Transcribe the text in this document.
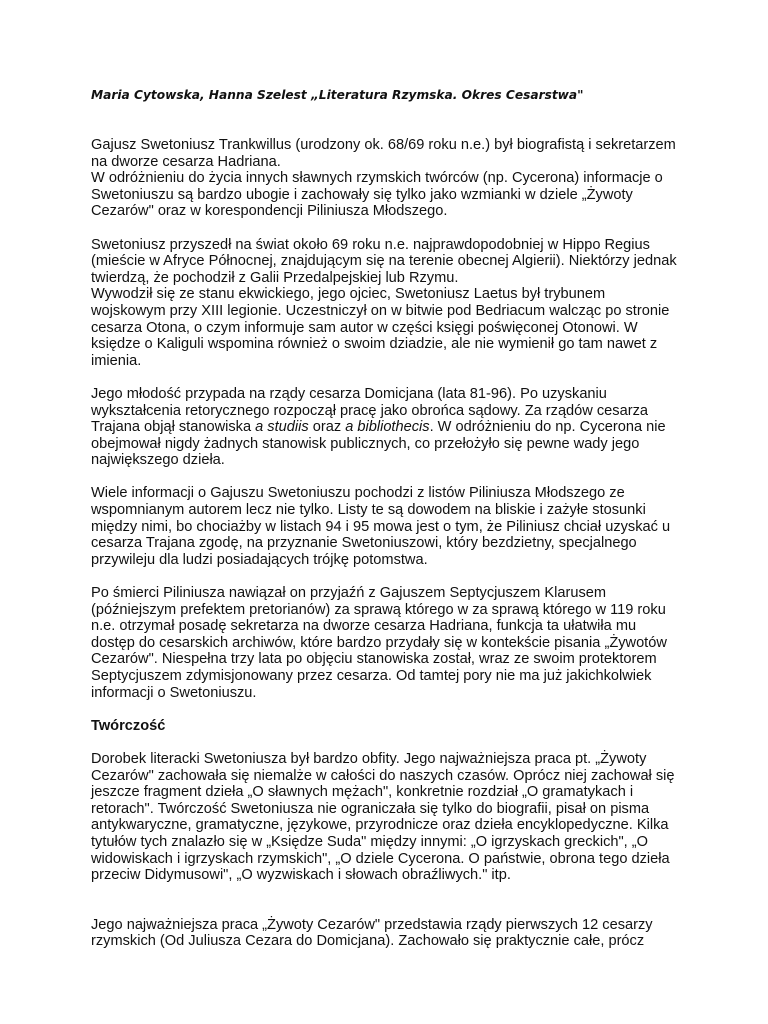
Maria Cytowska, Hanna Szelest „Literatura Rzymska. Okres Cesarstwa"

Gajusz Swetoniusz Trankwillus (urodzony ok. 68/69 roku n.e.) był biografistą i sekretarzem na dworze cesarza Hadriana.

W odróżnieniu do życia innych sławnych rzymskich twórców (np. Cycerona) informacje o Swetoniuszu są bardzo ubogie i zachowały się tylko jako wzmianki w dziele „Żywoty Cezarów" oraz w korespondencji Piliniusza Młodszego.

Swetoniusz przyszedł na świat około 69 roku n.e. najprawdopodobniej w Hippo Regius (mieście w Afryce Północnej, znajdującym się na terenie obecnej Algierii). Niektórzy jednak twierdzą, że pochodził z Galii Przedalpejskiej lub Rzymu.

Wywodził się ze stanu ekwickiego, jego ojciec, Swetoniusz Laetus był trybunem wojskowym przy XIII legionie. Uczestniczył on w bitwie pod Bedriacum walcząc po stronie cesarza Otona, o czym informuje sam autor w części księgi poświęconej Otonowi. W księdze o Kaliguli wspomina również o swoim dziadzie, ale nie wymienił go tam nawet z imienia.

Jego młodość przypada na rządy cesarza Domicjana (lata 81-96). Po uzyskaniu wykształcenia retorycznego rozpoczął pracę jako obrońca sądowy. Za rządów cesarza Trajana objął stanowiska a studiis oraz a bibliothecis. W odróżnieniu do np. Cycerona nie obejmował nigdy żadnych stanowisk publicznych, co przełożyło się pewne wady jego największego dzieła.

Wiele informacji o Gajuszu Swetoniuszu pochodzi z listów Piliniusza Młodszego ze wspomnianym autorem lecz nie tylko. Listy te są dowodem na bliskie i zażyłe stosunki między nimi, bo chociażby w listach 94 i 95 mowa jest o tym, że Piliniusz chciał uzyskać u cesarza Trajana zgodę, na przyznanie Swetoniuszowi, który bezdzietny, specjalnego przywileju dla ludzi posiadających trójkę potomstwa.

Po śmierci Piliniusza nawiązał on przyjaźń z Gajuszem Septycjuszem Klarusem (późniejszym prefektem pretorianów) za sprawą którego w za sprawą którego w 119 roku n.e. otrzymał posadę sekretarza na dworze cesarza Hadriana, funkcja ta ułatwiła mu dostęp do cesarskich archiwów, które bardzo przydały się w kontekście pisania „Żywotów Cezarów". Niespełna trzy lata po objęciu stanowiska został, wraz ze swoim protektorem Septycjuszem zdymisjonowany przez cesarza. Od tamtej pory nie ma już jakichkolwiek informacji o Swetoniuszu.

Twórczość

Dorobek literacki Swetoniusza był bardzo obfity. Jego najważniejsza praca pt. „Żywoty Cezarów" zachowała się niemalże w całości do naszych czasów. Oprócz niej zachował się jeszcze fragment dzieła „O sławnych mężach", konkretnie rozdział „O gramatykach i retorach". Twórczość Swetoniusza nie ograniczała się tylko do biografii, pisał on pisma antykwaryczne, gramatyczne, językowe, przyrodnicze oraz dzieła encyklopedyczne. Kilka tytułów tych znalazło się w „Księdze Suda" między innymi: „O igrzyskach greckich", „O widowiskach i igrzyskach rzymskich", „O dziele Cycerona. O państwie, obrona tego dzieła przeciw Didymusowi", „O wyzwiskach i słowach obraźliwych." itp.

Jego najważniejsza praca „Żywoty Cezarów" przedstawia rządy pierwszych 12 cesarzy rzymskich (Od Juliusza Cezara do Domicjana). Zachowało się praktycznie całe, prócz
